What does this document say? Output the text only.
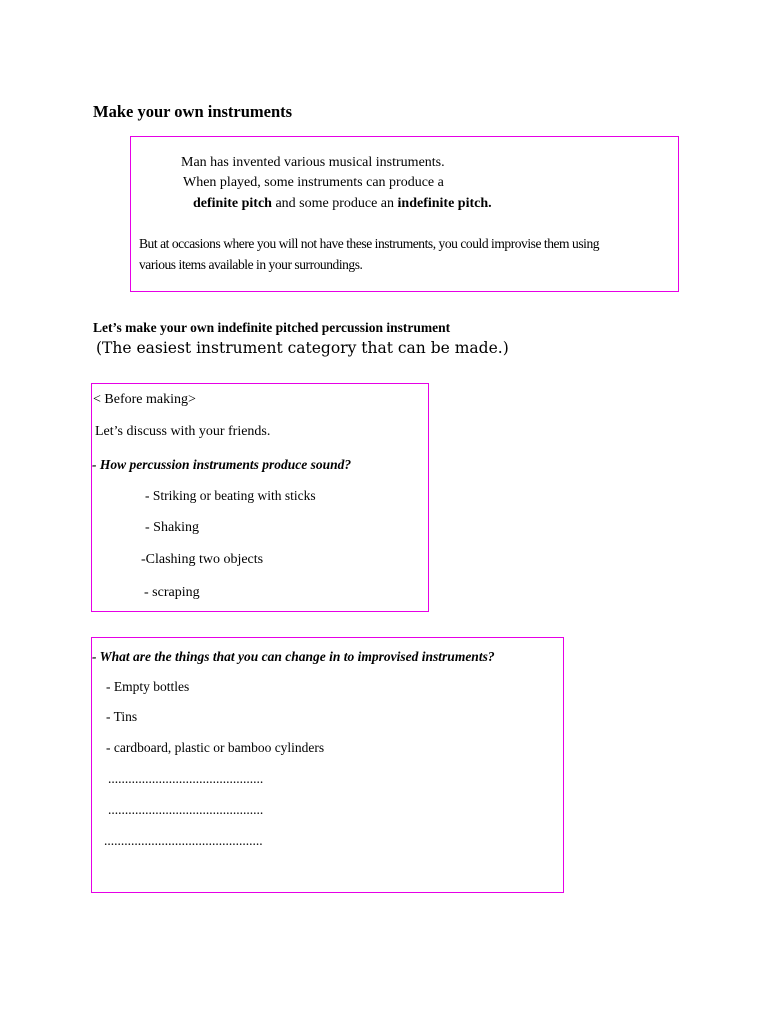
Make your own instruments
Man has invented various musical instruments.
When played, some instruments can produce a
definite pitch and some produce an indefinite pitch.
But at occasions where you will not have these instruments, you could improvise them using
various items available in your surroundings.
Let’s make your own indefinite pitched percussion instrument
(The easiest instrument category that can be made.)
< Before making>
Let’s discuss with your friends.
- How percussion instruments produce sound?
- Striking or beating with sticks
- Shaking
-Clashing two objects
- scraping
- What are the things that you can change in to improvised instruments?
- Empty bottles
- Tins
- cardboard, plastic or bamboo cylinders
..............................................
..............................................
...............................................
